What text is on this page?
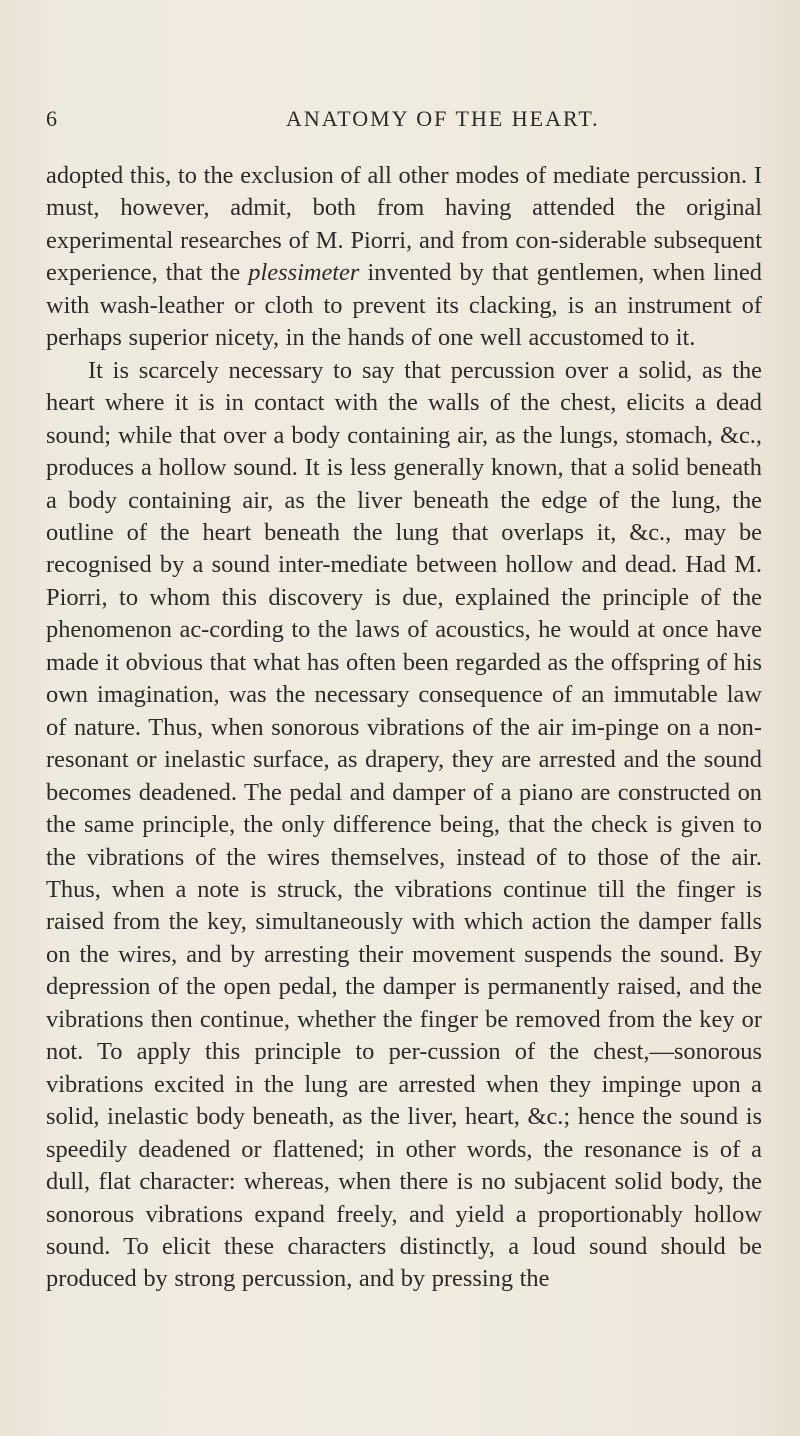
6	ANATOMY OF THE HEART.

adopted this, to the exclusion of all other modes of mediate percussion. I must, however, admit, both from having attended the original experimental researches of M. Piorri, and from con-siderable subsequent experience, that the plessimeter invented by that gentlemen, when lined with wash-leather or cloth to prevent its clacking, is an instrument of perhaps superior nicety, in the hands of one well accustomed to it.

It is scarcely necessary to say that percussion over a solid, as the heart where it is in contact with the walls of the chest, elicits a dead sound; while that over a body containing air, as the lungs, stomach, &c., produces a hollow sound. It is less generally known, that a solid beneath a body containing air, as the liver beneath the edge of the lung, the outline of the heart beneath the lung that overlaps it, &c., may be recognised by a sound inter-mediate between hollow and dead. Had M. Piorri, to whom this discovery is due, explained the principle of the phenomenon ac-cording to the laws of acoustics, he would at once have made it obvious that what has often been regarded as the offspring of his own imagination, was the necessary consequence of an immutable law of nature. Thus, when sonorous vibrations of the air im-pinge on a non-resonant or inelastic surface, as drapery, they are arrested and the sound becomes deadened. The pedal and damper of a piano are constructed on the same principle, the only difference being, that the check is given to the vibrations of the wires themselves, instead of to those of the air. Thus, when a note is struck, the vibrations continue till the finger is raised from the key, simultaneously with which action the damper falls on the wires, and by arresting their movement suspends the sound. By depression of the open pedal, the damper is permanently raised, and the vibrations then continue, whether the finger be removed from the key or not. To apply this principle to per-cussion of the chest,—sonorous vibrations excited in the lung are arrested when they impinge upon a solid, inelastic body beneath, as the liver, heart, &c.; hence the sound is speedily deadened or flattened; in other words, the resonance is of a dull, flat character: whereas, when there is no subjacent solid body, the sonorous vibrations expand freely, and yield a proportionably hollow sound. To elicit these characters distinctly, a loud sound should be produced by strong percussion, and by pressing the
